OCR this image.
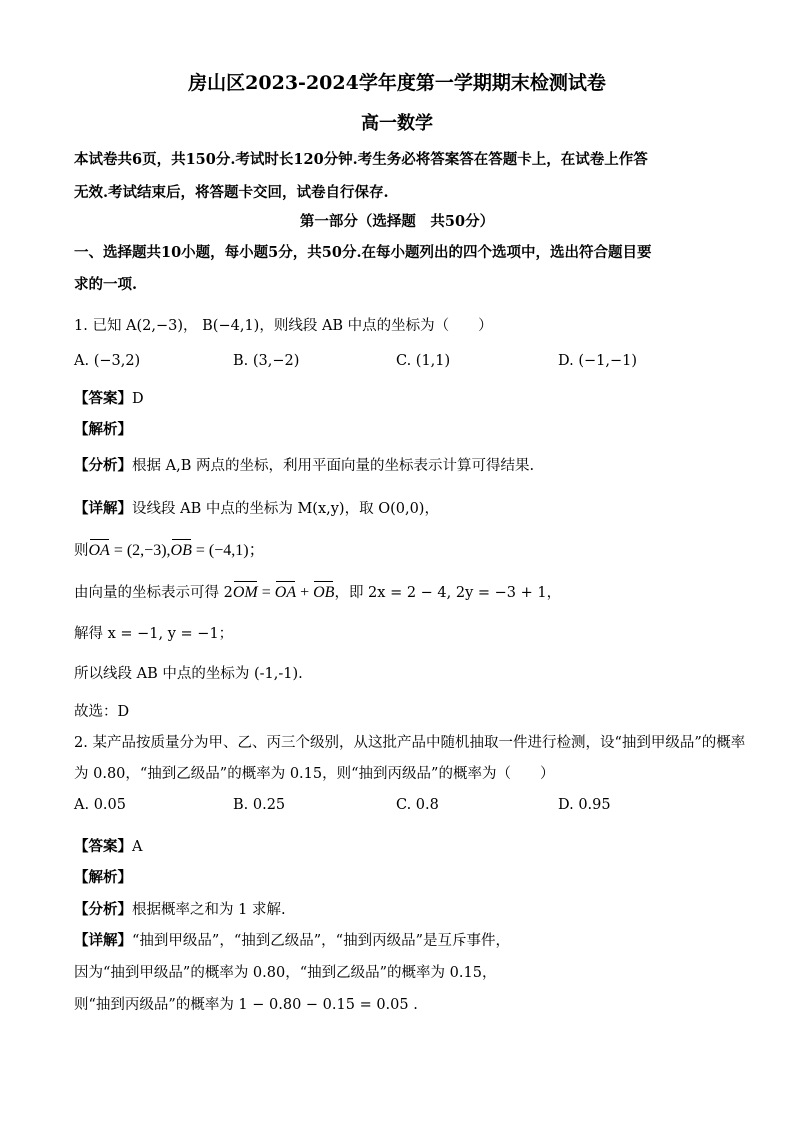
房山区2023-2024学年度第一学期期末检测试卷
高一数学
本试卷共6页，共150分.考试时长120分钟.考生务必将答案答在答题卡上，在试卷上作答
无效.考试结束后，将答题卡交回，试卷自行保存.
第一部分（选择题　共50分）
一、选择题共10小题，每小题5分，共50分.在每小题列出的四个选项中，选出符合题目要
求的一项.
1. 已知 A(2,−3)， B(−4,1)，则线段 AB 中点的坐标为（　　）
A. (−3,2)	B. (3,−2)	C. (1,1)	D. (−1,−1)
【答案】D
【解析】
【分析】根据 A,B 两点的坐标，利用平面向量的坐标表示计算可得结果.
【详解】设线段 AB 中点的坐标为 M(x,y)，取 O(0,0)，
则OA = (2,−3),OB = (−4,1)；
由向量的坐标表示可得 2OM = OA + OB，即 2x = 2 − 4, 2y = −3 + 1，
解得 x = −1, y = −1；
所以线段 AB 中点的坐标为 (-1,-1).
故选：D
2. 某产品按质量分为甲、乙、丙三个级别，从这批产品中随机抽取一件进行检测，设“抽到甲级品”的概率
为 0.80，“抽到乙级品”的概率为 0.15，则“抽到丙级品”的概率为（　　）
A. 0.05	B. 0.25	C. 0.8	D. 0.95
【答案】A
【解析】
【分析】根据概率之和为 1 求解.
【详解】“抽到甲级品”，“抽到乙级品”，“抽到丙级品”是互斥事件，
因为“抽到甲级品”的概率为 0.80，“抽到乙级品”的概率为 0.15，
则“抽到丙级品”的概率为 1 − 0.80 − 0.15 = 0.05 .
